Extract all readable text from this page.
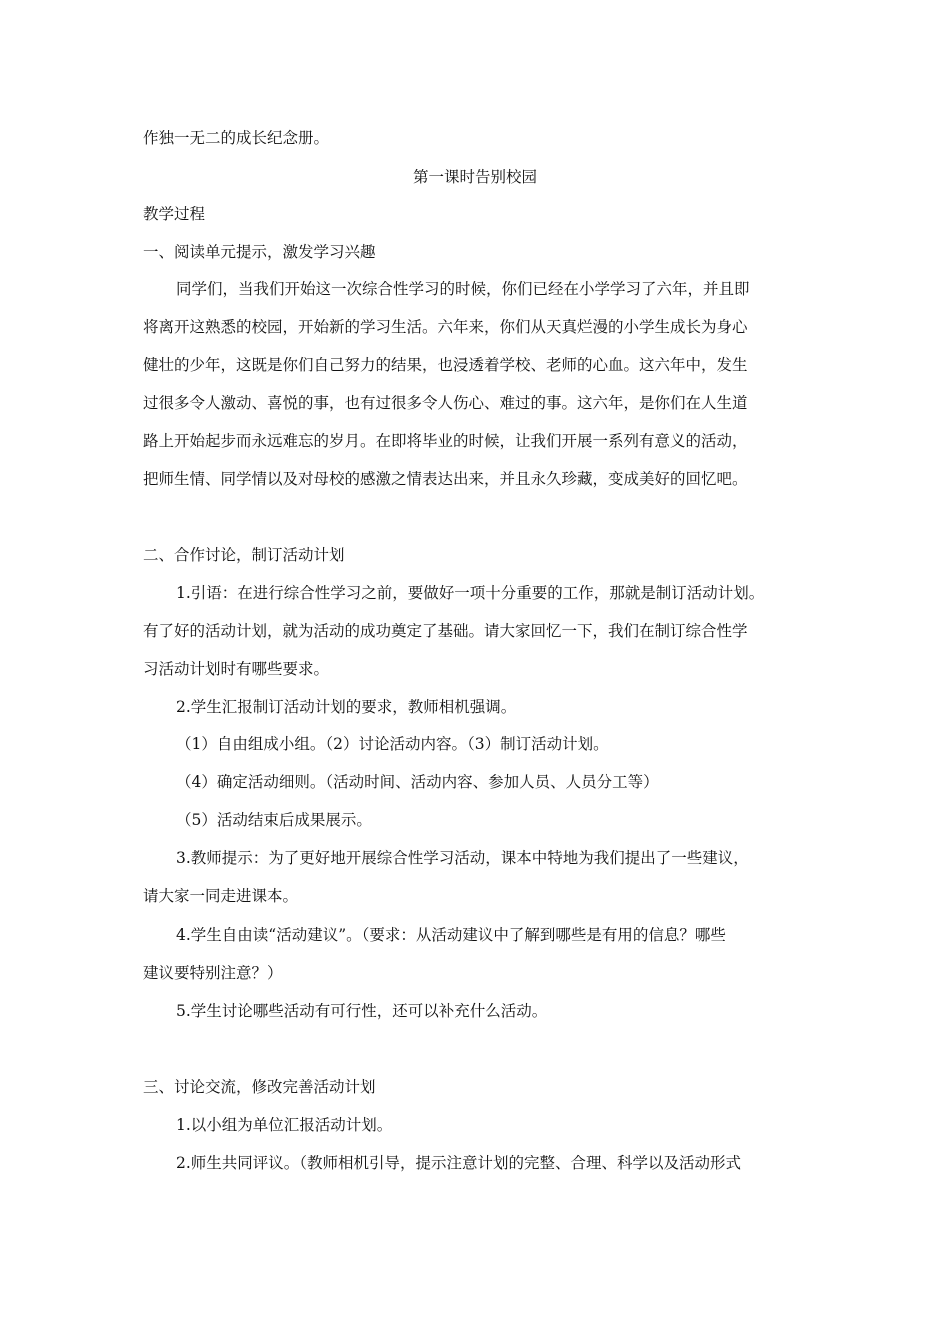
作独一无二的成长纪念册。
第一课时告别校园
教学过程
一、阅读单元提示，激发学习兴趣
同学们，当我们开始这一次综合性学习的时候，你们已经在小学学习了六年，并且即
将离开这熟悉的校园，开始新的学习生活。六年来，你们从天真烂漫的小学生成长为身心
健壮的少年，这既是你们自己努力的结果，也浸透着学校、老师的心血。这六年中，发生
过很多令人激动、喜悦的事，也有过很多令人伤心、难过的事。这六年，是你们在人生道
路上开始起步而永远难忘的岁月。在即将毕业的时候，让我们开展一系列有意义的活动，
把师生情、同学情以及对母校的感激之情表达出来，并且永久珍藏，变成美好的回忆吧。
二、合作讨论，制订活动计划
1.引语：在进行综合性学习之前，要做好一项十分重要的工作，那就是制订活动计划。
有了好的活动计划，就为活动的成功奠定了基础。请大家回忆一下，我们在制订综合性学
习活动计划时有哪些要求。
2.学生汇报制订活动计划的要求，教师相机强调。
（1）自由组成小组。（2）讨论活动内容。（3）制订活动计划。
（4）确定活动细则。（活动时间、活动内容、参加人员、人员分工等）
（5）活动结束后成果展示。
3.教师提示：为了更好地开展综合性学习活动，课本中特地为我们提出了一些建议，
请大家一同走进课本。
4.学生自由读“活动建议”。（要求：从活动建议中了解到哪些是有用的信息？哪些
建议要特别注意？）
5.学生讨论哪些活动有可行性，还可以补充什么活动。
三、讨论交流，修改完善活动计划
1.以小组为单位汇报活动计划。
2.师生共同评议。（教师相机引导，提示注意计划的完整、合理、科学以及活动形式
